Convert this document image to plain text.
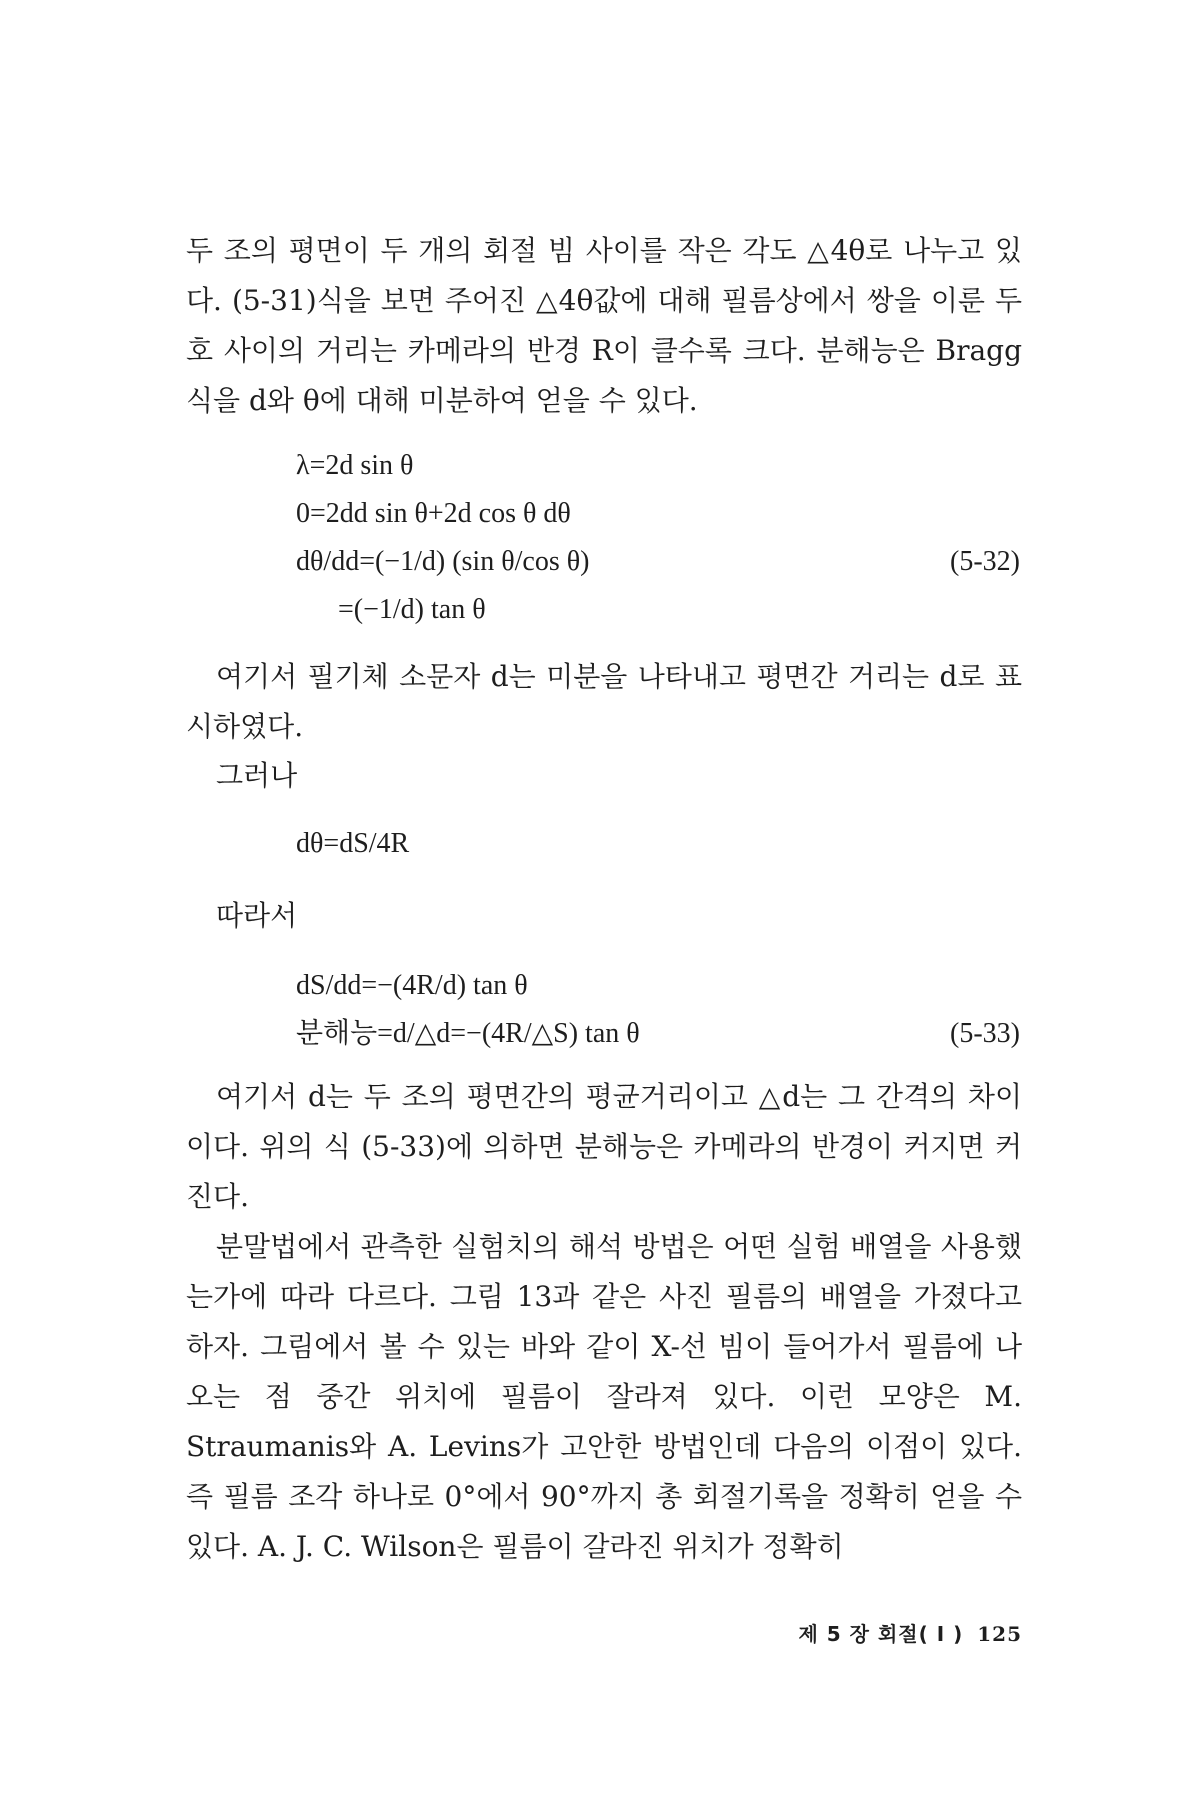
두 조의 평면이 두 개의 회절 빔 사이를 작은 각도 △4θ로 나누고 있다. (5-31)식을 보면 주어진 △4θ값에 대해 필름상에서 쌍을 이룬 두 호 사이의 거리는 카메라의 반경 R이 클수록 크다. 분해능은 Bragg식을 d와 θ에 대해 미분하여 얻을 수 있다.

λ=2d sin θ
0=2dd sin θ+2d cos θ dθ
dθ/dd=(−1/d) (sin θ/cos θ)	(5-32)
=(−1/d) tan θ

여기서 필기체 소문자 d는 미분을 나타내고 평면간 거리는 d로 표시하였다.

그러나
dθ=dS/4R
따라서
dS/dd=−(4R/d) tan θ
분해능=d/△d=−(4R/△S) tan θ	(5-33)

여기서 d는 두 조의 평면간의 평균거리이고 △d는 그 간격의 차이이다. 위의 식 (5-33)에 의하면 분해능은 카메라의 반경이 커지면 커진다.

분말법에서 관측한 실험치의 해석 방법은 어떤 실험 배열을 사용했는가에 따라 다르다. 그림 13과 같은 사진 필름의 배열을 가졌다고 하자. 그림에서 볼 수 있는 바와 같이 X-선 빔이 들어가서 필름에 나오는 점 중간 위치에 필름이 잘라져 있다. 이런 모양은 M. Straumanis와 A. Levins가 고안한 방법인데 다음의 이점이 있다. 즉 필름 조각 하나로 0°에서 90°까지 총 회절기록을 정확히 얻을 수 있다. A. J. C. Wilson은 필름이 갈라진 위치가 정확히

제 5 장 회절( I ) 125
